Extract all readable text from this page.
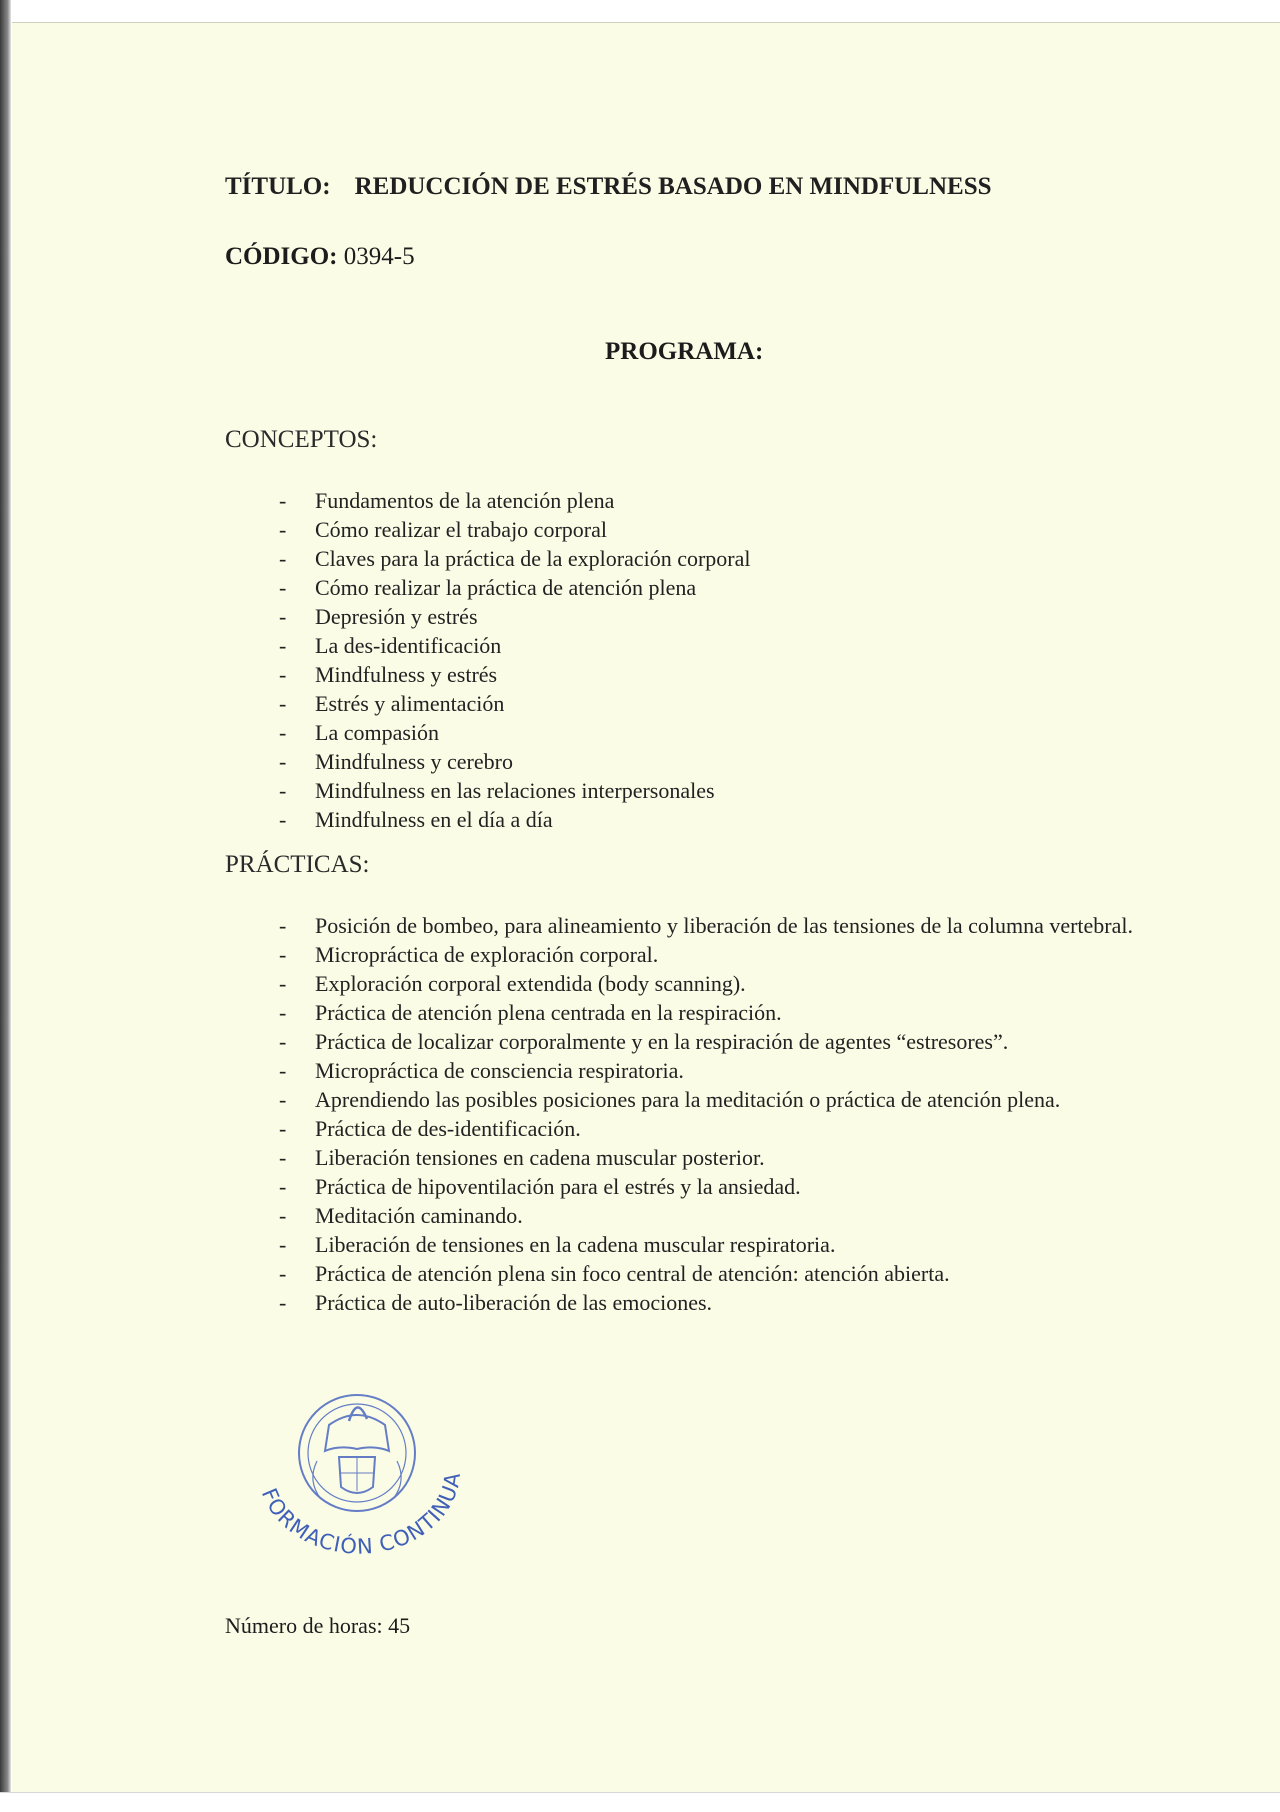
TÍTULO: REDUCCIÓN DE ESTRÉS BASADO EN MINDFULNESS
CÓDIGO: 0394-5
PROGRAMA:
CONCEPTOS:
- Fundamentos de la atención plena
- Cómo realizar el trabajo corporal
- Claves para la práctica de la exploración corporal
- Cómo realizar la práctica de atención plena
- Depresión y estrés
- La des-identificación
- Mindfulness y estrés
- Estrés y alimentación
- La compasión
- Mindfulness y cerebro
- Mindfulness en las relaciones interpersonales
- Mindfulness en el día a día
PRÁCTICAS:
- Posición de bombeo, para alineamiento y liberación de las tensiones de la columna vertebral.
- Micropráctica de exploración corporal.
- Exploración corporal extendida (body scanning).
- Práctica de atención plena centrada en la respiración.
- Práctica de localizar corporalmente y en la respiración de agentes “estresores”.
- Micropráctica de consciencia respiratoria.
- Aprendiendo las posibles posiciones para la meditación o práctica de atención plena.
- Práctica de des-identificación.
- Liberación tensiones en cadena muscular posterior.
- Práctica de hipoventilación para el estrés y la ansiedad.
- Meditación caminando.
- Liberación de tensiones en la cadena muscular respiratoria.
- Práctica de atención plena sin foco central de atención: atención abierta.
- Práctica de auto-liberación de las emociones.
Número de horas: 45
FORMACIÓN CONTINUA
